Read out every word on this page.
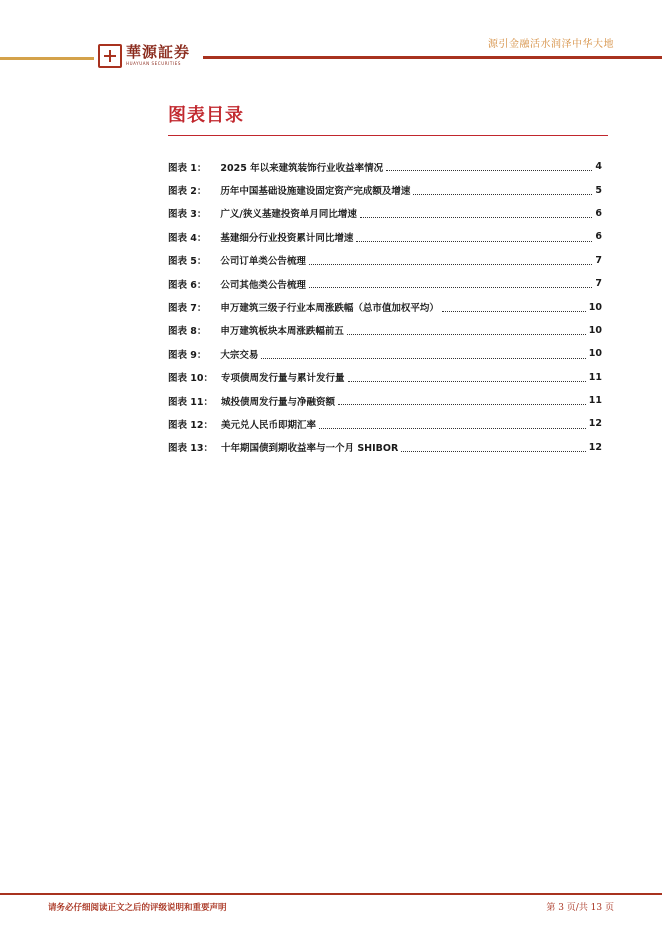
華源証券
HUAYUAN SECURITIES
源引金融活水润泽中华大地
图表目录
图表 1： 2025 年以来建筑装饰行业收益率情况	4
图表 2： 历年中国基础设施建设固定资产完成额及增速	5
图表 3： 广义/狭义基建投资单月同比增速	6
图表 4： 基建细分行业投资累计同比增速	6
图表 5： 公司订单类公告梳理	7
图表 6： 公司其他类公告梳理	7
图表 7： 申万建筑三级子行业本周涨跌幅（总市值加权平均）	10
图表 8： 申万建筑板块本周涨跌幅前五	10
图表 9： 大宗交易	10
图表 10： 专项债周发行量与累计发行量	11
图表 11： 城投债周发行量与净融资额	11
图表 12： 美元兑人民币即期汇率	12
图表 13： 十年期国债到期收益率与一个月 SHIBOR	12
请务必仔细阅读正文之后的评级说明和重要声明	第 3 页/共 13 页
